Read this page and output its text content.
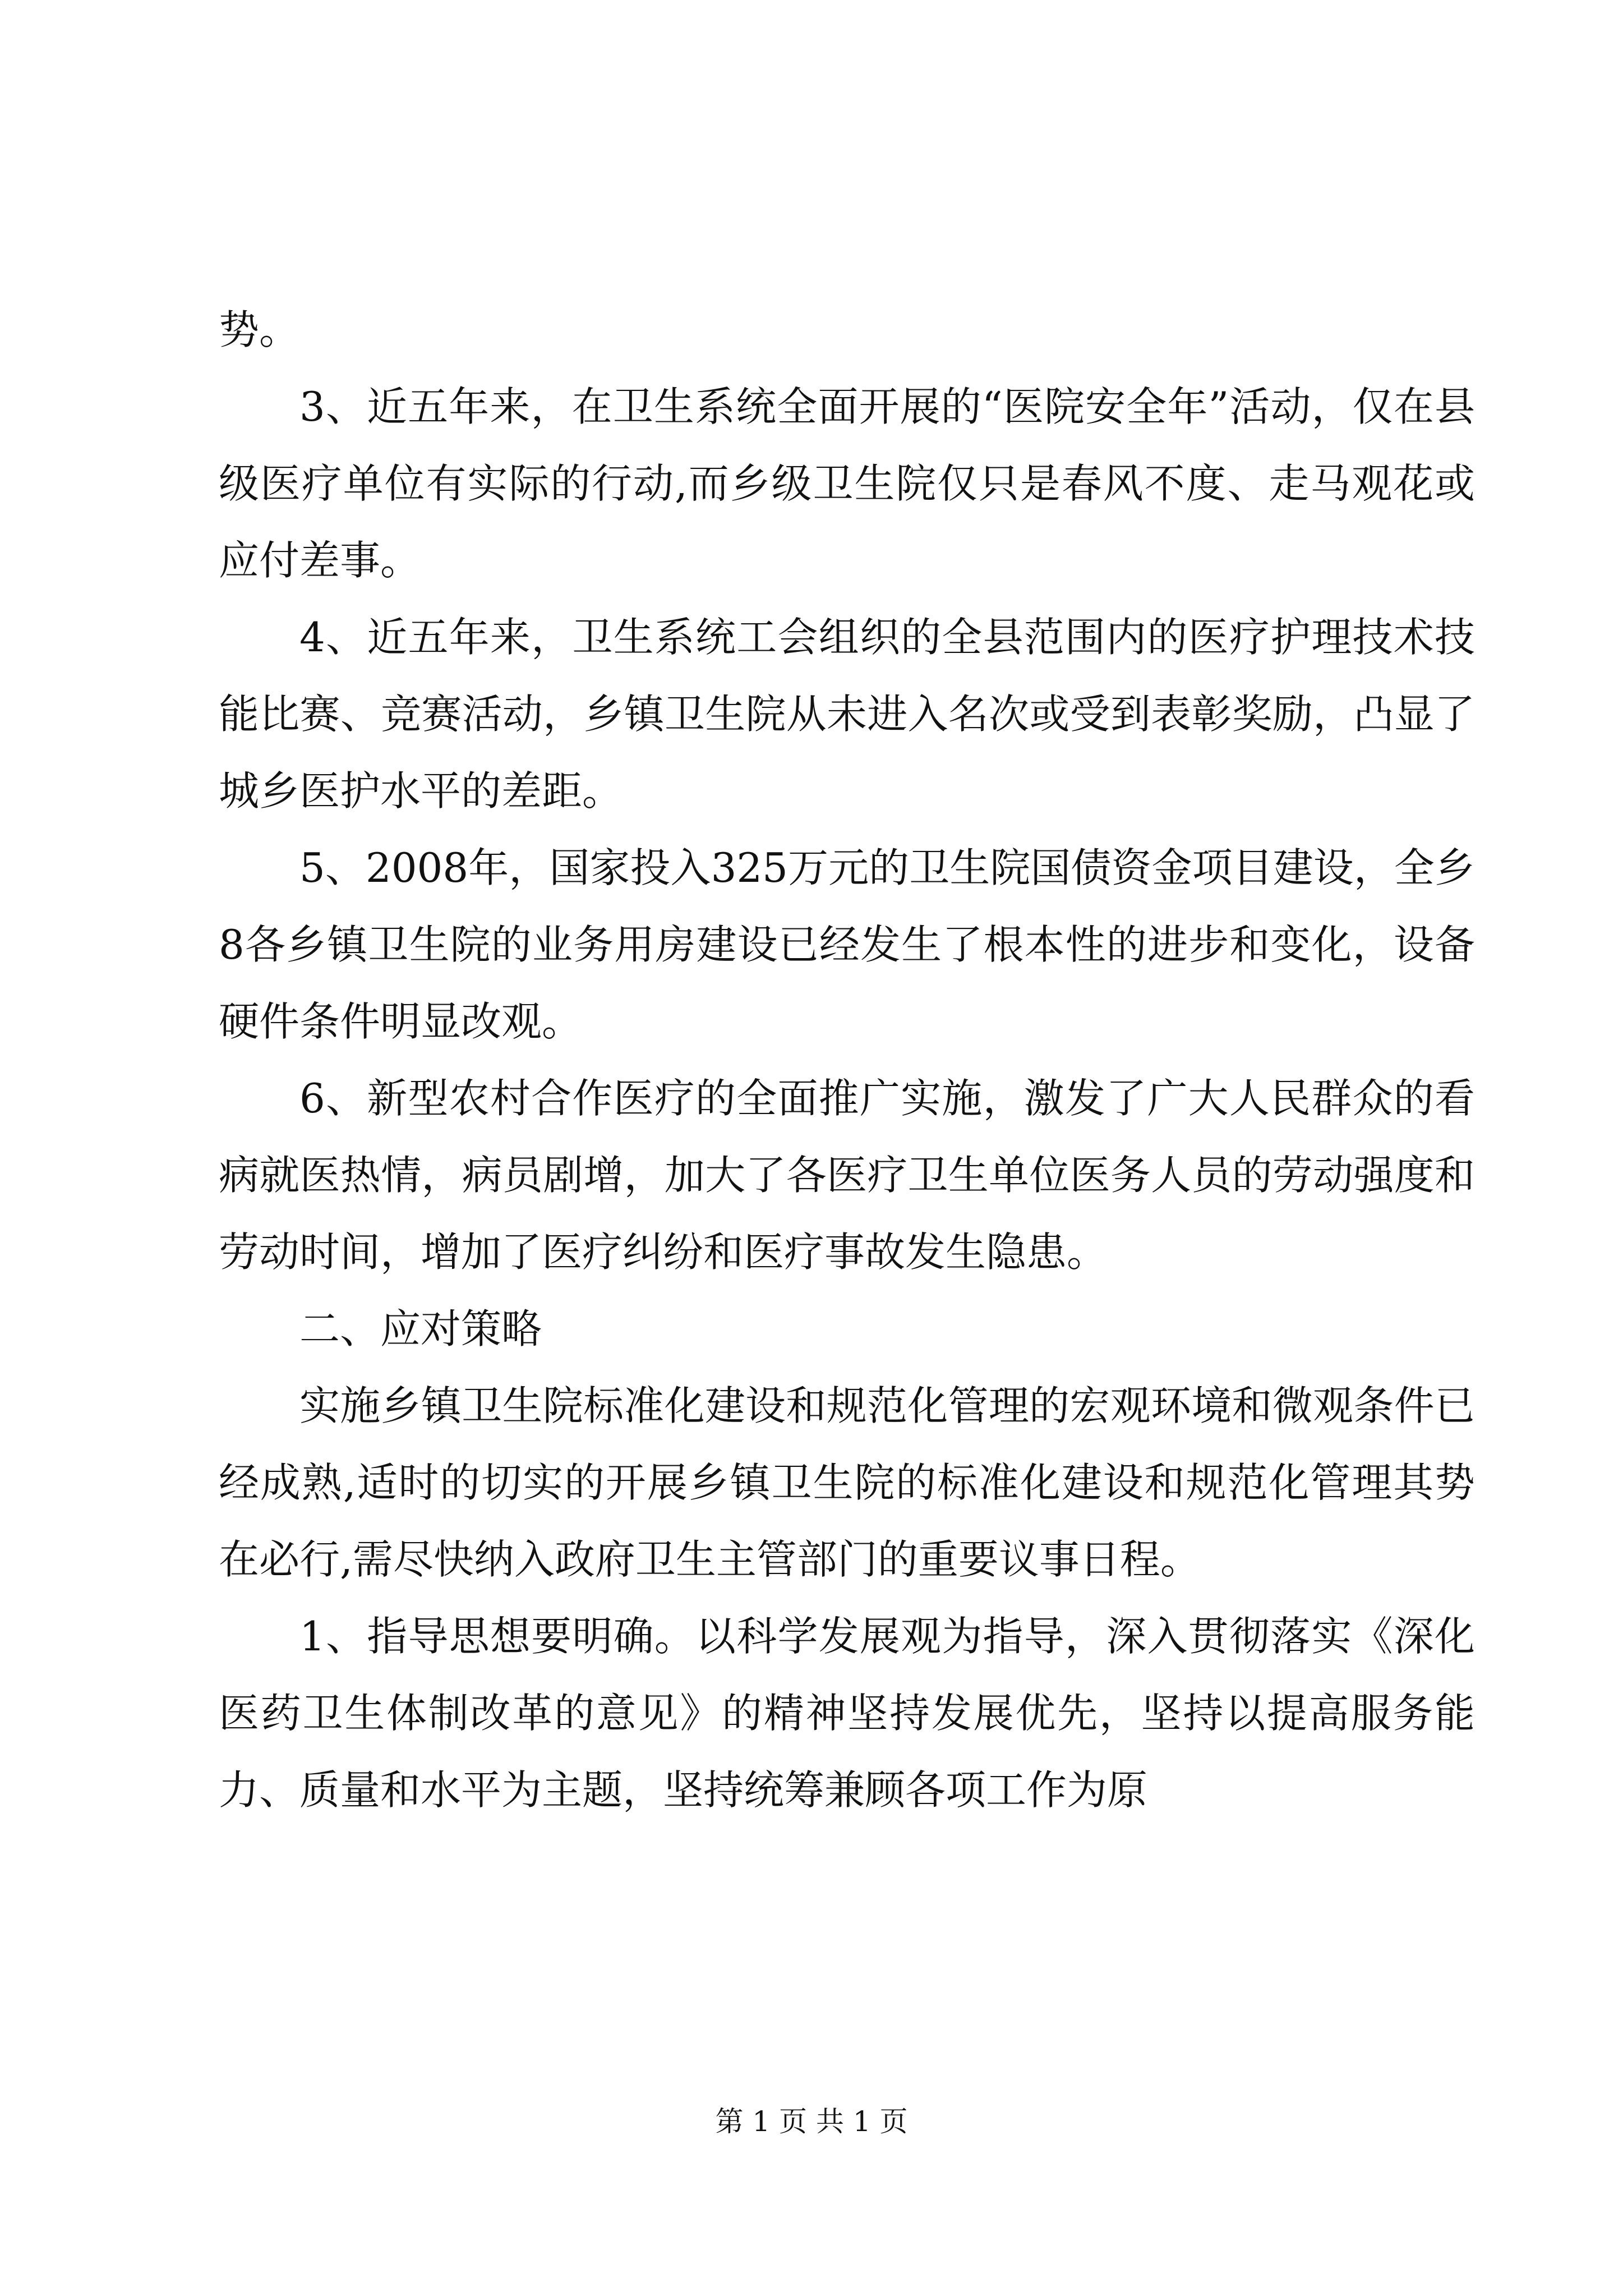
势。

3、近五年来，在卫生系统全面开展的“医院安全年”活动，仅在县级医疗单位有实际的行动,而乡级卫生院仅只是春风不度、走马观花或应付差事。

4、近五年来，卫生系统工会组织的全县范围内的医疗护理技术技能比赛、竞赛活动，乡镇卫生院从未进入名次或受到表彰奖励，凸显了城乡医护水平的差距。

5、2008年，国家投入325万元的卫生院国债资金项目建设，全乡8各乡镇卫生院的业务用房建设已经发生了根本性的进步和变化，设备硬件条件明显改观。

6、新型农村合作医疗的全面推广实施，激发了广大人民群众的看病就医热情，病员剧增，加大了各医疗卫生单位医务人员的劳动强度和劳动时间，增加了医疗纠纷和医疗事故发生隐患。

二、应对策略

实施乡镇卫生院标准化建设和规范化管理的宏观环境和微观条件已经成熟,适时的切实的开展乡镇卫生院的标准化建设和规范化管理其势在必行,需尽快纳入政府卫生主管部门的重要议事日程。

1、指导思想要明确。以科学发展观为指导，深入贯彻落实《深化医药卫生体制改革的意见》的精神坚持发展优先，坚持以提高服务能力、质量和水平为主题，坚持统筹兼顾各项工作为原

第 1 页 共 1 页
